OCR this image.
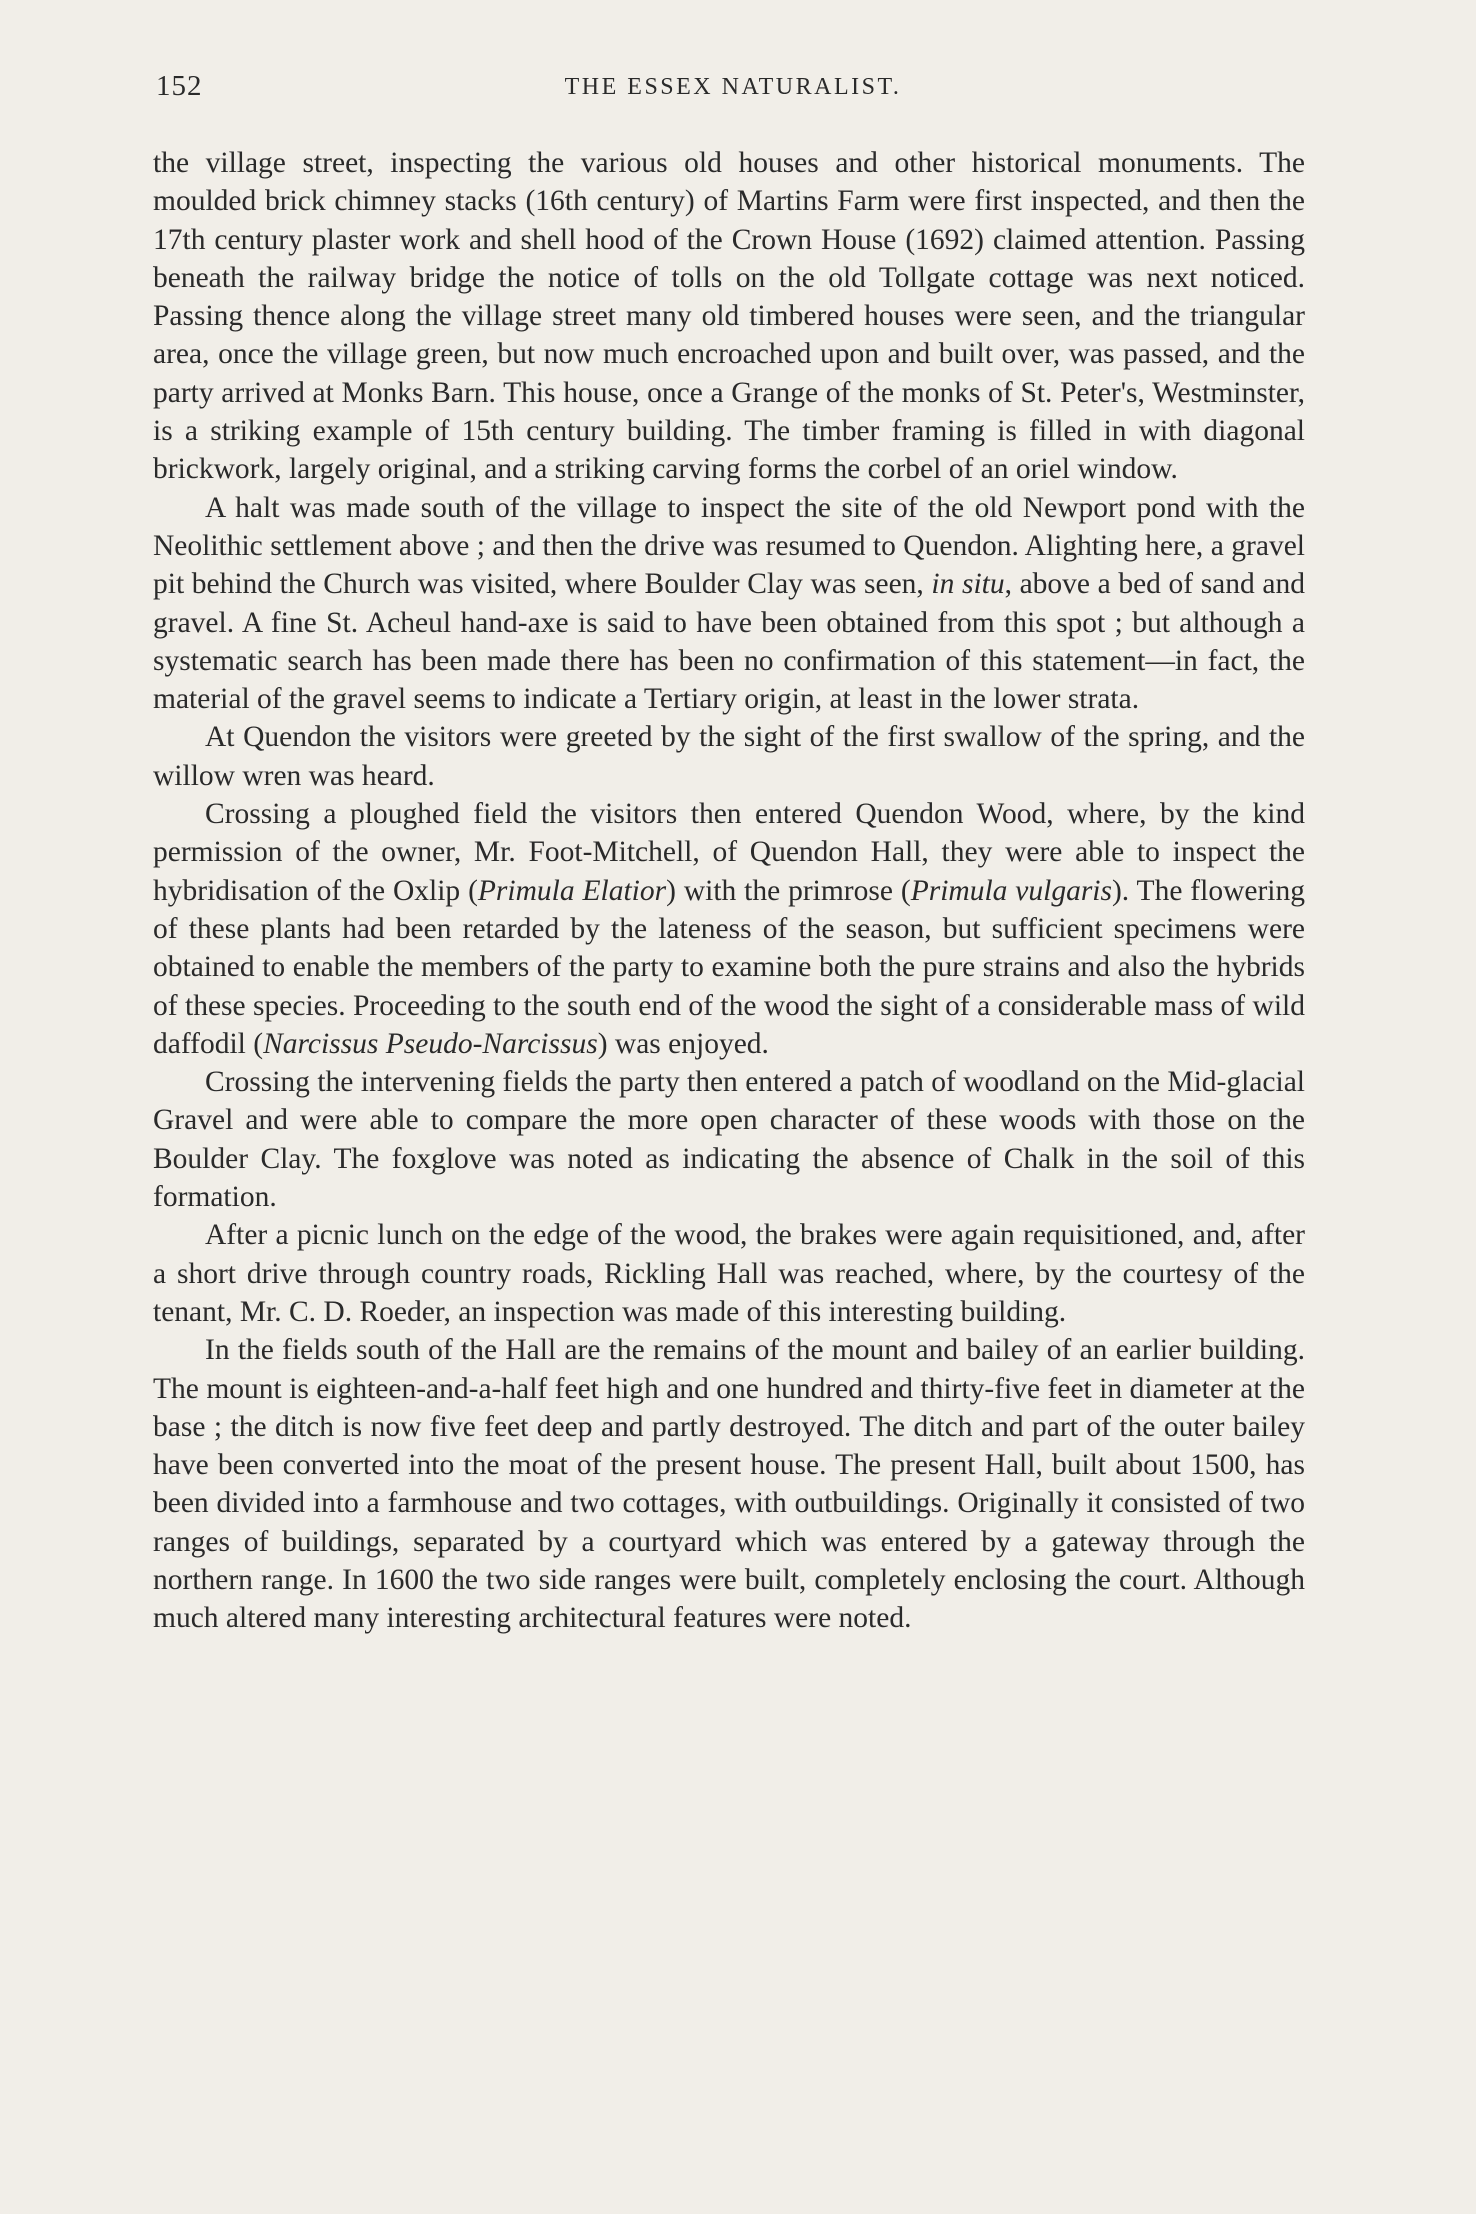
152	THE ESSEX NATURALIST.

the village street, inspecting the various old houses and other historical monuments. The moulded brick chimney stacks (16th century) of Martins Farm were first inspected, and then the 17th century plaster work and shell hood of the Crown House (1692) claimed attention. Passing beneath the railway bridge the notice of tolls on the old Tollgate cottage was next noticed. Passing thence along the village street many old timbered houses were seen, and the triangular area, once the village green, but now much encroached upon and built over, was passed, and the party arrived at Monks Barn. This house, once a Grange of the monks of St. Peter's, Westminster, is a striking example of 15th century building. The timber framing is filled in with diagonal brickwork, largely original, and a striking carving forms the corbel of an oriel window.

A halt was made south of the village to inspect the site of the old Newport pond with the Neolithic settlement above ; and then the drive was resumed to Quendon. Alighting here, a gravel pit behind the Church was visited, where Boulder Clay was seen, in situ, above a bed of sand and gravel. A fine St. Acheul hand-axe is said to have been obtained from this spot ; but although a systematic search has been made there has been no confirmation of this statement—in fact, the material of the gravel seems to indicate a Tertiary origin, at least in the lower strata.

At Quendon the visitors were greeted by the sight of the first swallow of the spring, and the willow wren was heard.

Crossing a ploughed field the visitors then entered Quendon Wood, where, by the kind permission of the owner, Mr. Foot-Mitchell, of Quendon Hall, they were able to inspect the hybridisation of the Oxlip (Primula Elatior) with the primrose (Primula vulgaris). The flowering of these plants had been retarded by the lateness of the season, but sufficient specimens were obtained to enable the members of the party to examine both the pure strains and also the hybrids of these species. Proceeding to the south end of the wood the sight of a considerable mass of wild daffodil (Narcissus Pseudo-Narcissus) was enjoyed.

Crossing the intervening fields the party then entered a patch of woodland on the Mid-glacial Gravel and were able to compare the more open character of these woods with those on the Boulder Clay. The foxglove was noted as indicating the absence of Chalk in the soil of this formation.

After a picnic lunch on the edge of the wood, the brakes were again requisitioned, and, after a short drive through country roads, Rickling Hall was reached, where, by the courtesy of the tenant, Mr. C. D. Roeder, an inspection was made of this interesting building.

In the fields south of the Hall are the remains of the mount and bailey of an earlier building. The mount is eighteen-and-a-half feet high and one hundred and thirty-five feet in diameter at the base ; the ditch is now five feet deep and partly destroyed. The ditch and part of the outer bailey have been converted into the moat of the present house. The present Hall, built about 1500, has been divided into a farmhouse and two cottages, with outbuildings. Originally it consisted of two ranges of buildings, separated by a courtyard which was entered by a gateway through the northern range. In 1600 the two side ranges were built, completely enclosing the court. Although much altered many interesting architectural features were noted.
